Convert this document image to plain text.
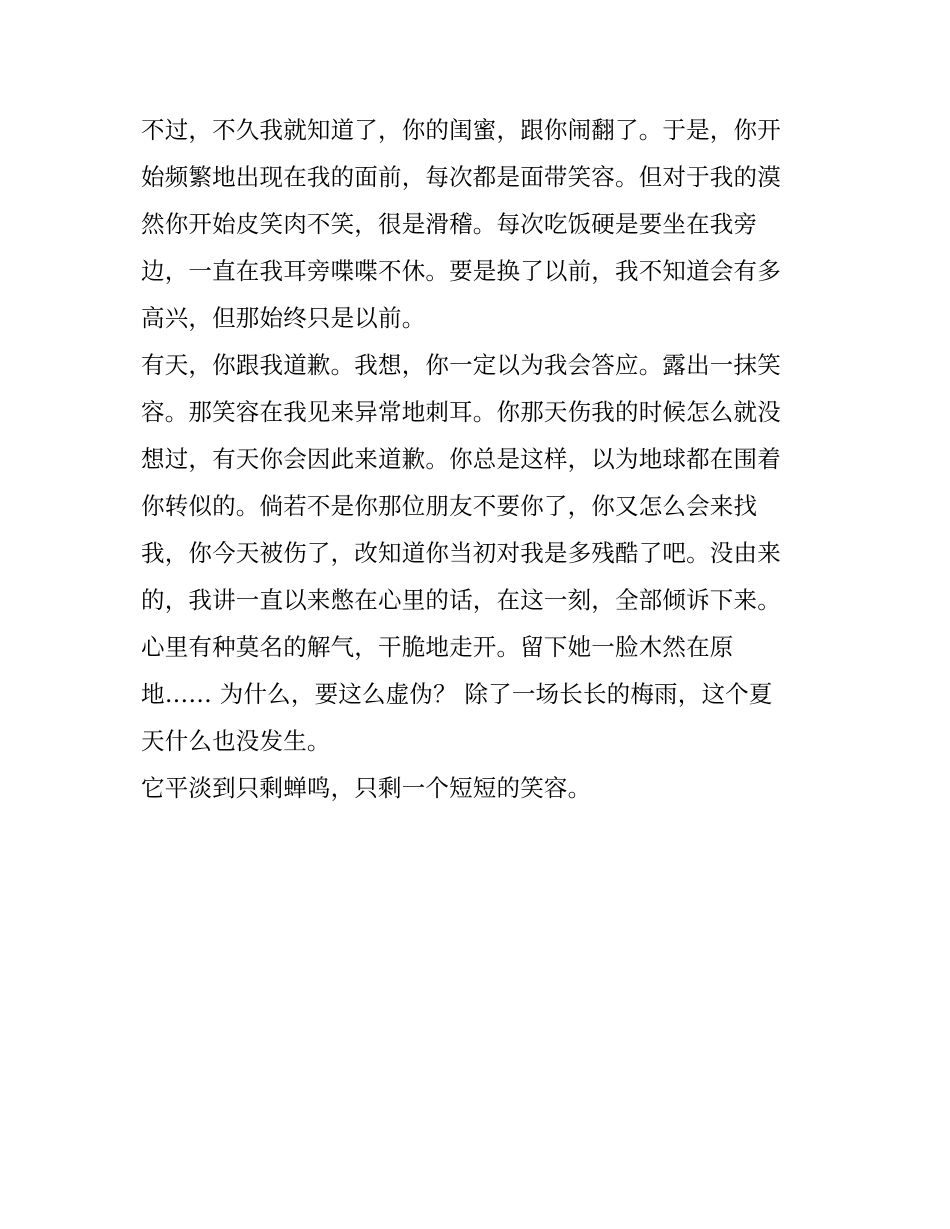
不过，不久我就知道了，你的闺蜜，跟你闹翻了。于是，你开
始频繁地出现在我的面前，每次都是面带笑容。但对于我的漠
然你开始皮笑肉不笑，很是滑稽。每次吃饭硬是要坐在我旁
边，一直在我耳旁喋喋不休。要是换了以前，我不知道会有多
高兴，但那始终只是以前。
有天，你跟我道歉。我想，你一定以为我会答应。露出一抹笑
容。那笑容在我见来异常地刺耳。你那天伤我的时候怎么就没
想过，有天你会因此来道歉。你总是这样，以为地球都在围着
你转似的。倘若不是你那位朋友不要你了，你又怎么会来找
我，你今天被伤了，改知道你当初对我是多残酷了吧。没由来
的，我讲一直以来憋在心里的话，在这一刻，全部倾诉下来。
心里有种莫名的解气，干脆地走开。留下她一脸木然在原
地…… 为什么，要这么虚伪？ 除了一场长长的梅雨，这个夏
天什么也没发生。
它平淡到只剩蝉鸣，只剩一个短短的笑容。
